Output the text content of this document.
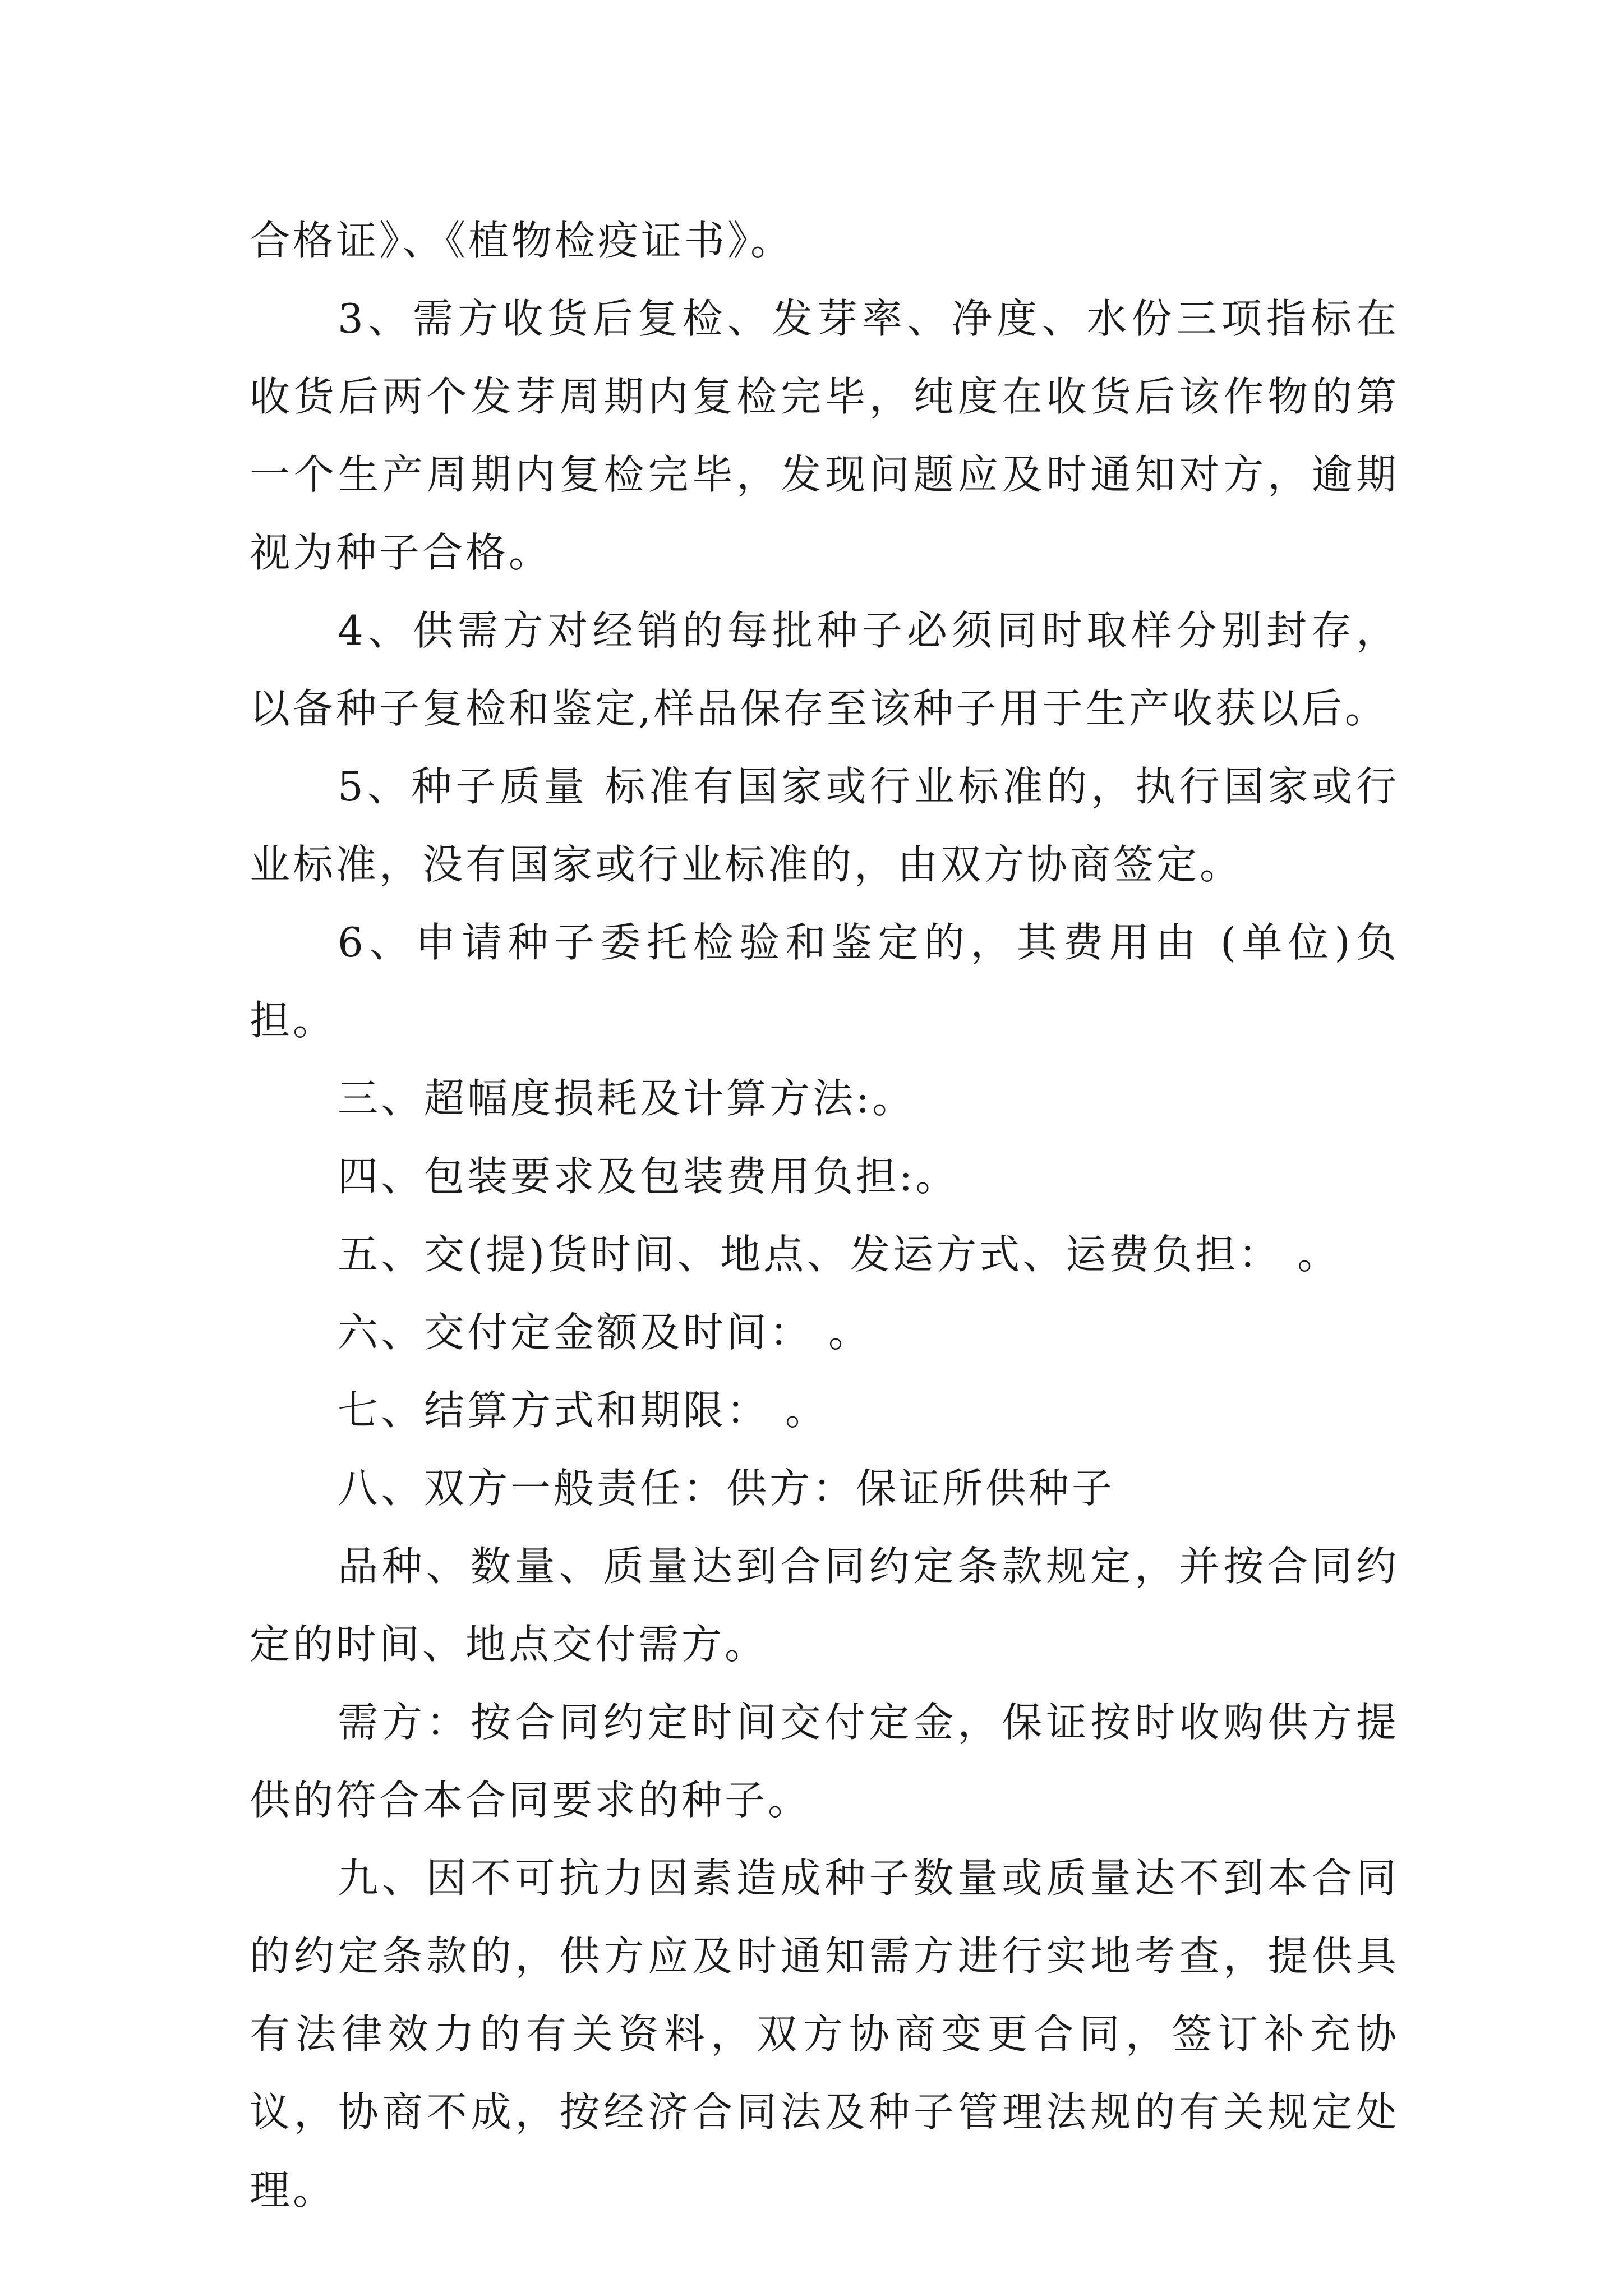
合格证》、《植物检疫证书》。

3、需方收货后复检、发芽率、净度、水份三项指标在收货后两个发芽周期内复检完毕，纯度在收货后该作物的第一个生产周期内复检完毕，发现问题应及时通知对方，逾期视为种子合格。

4、供需方对经销的每批种子必须同时取样分别封存，以备种子复检和鉴定,样品保存至该种子用于生产收获以后。

5、种子质量 标准有国家或行业标准的，执行国家或行业标准，没有国家或行业标准的，由双方协商签定。

6、申请种子委托检验和鉴定的，其费用由 (单位)负担。

三、超幅度损耗及计算方法:。

四、包装要求及包装费用负担:。

五、交(提)货时间、地点、发运方式、运费负担： 。

六、交付定金额及时间： 。

七、结算方式和期限： 。

八、双方一般责任：供方：保证所供种子

品种、数量、质量达到合同约定条款规定，并按合同约定的时间、地点交付需方。

需方：按合同约定时间交付定金，保证按时收购供方提供的符合本合同要求的种子。

九、因不可抗力因素造成种子数量或质量达不到本合同的约定条款的，供方应及时通知需方进行实地考查，提供具有法律效力的有关资料，双方协商变更合同，签订补充协议，协商不成，按经济合同法及种子管理法规的有关规定处理。
